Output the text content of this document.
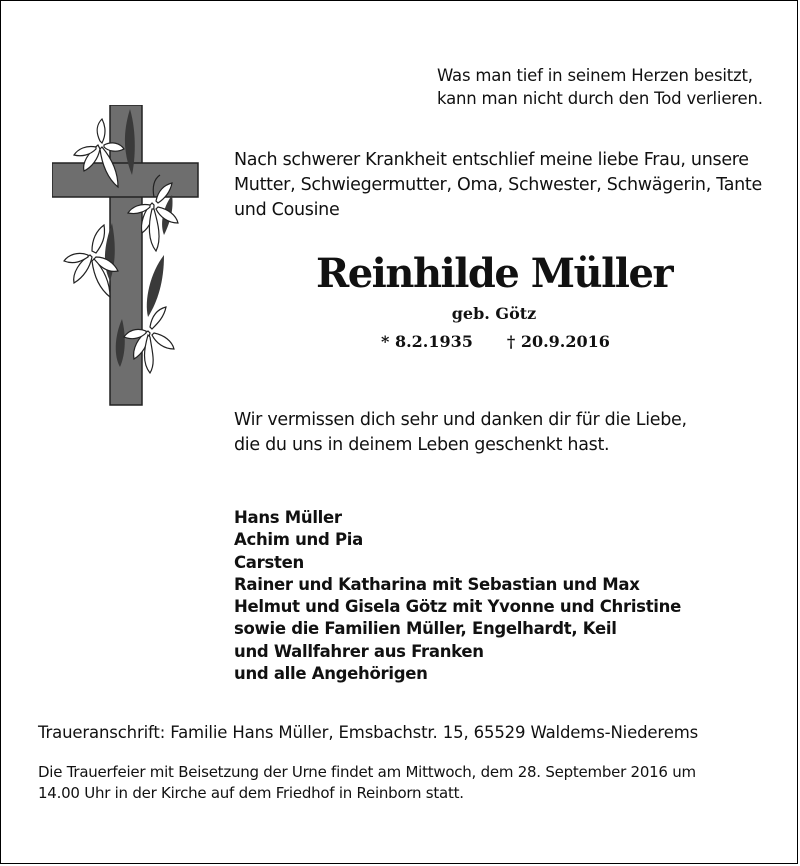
Was man tief in seinem Herzen besitzt,
kann man nicht durch den Tod verlieren.
Nach schwerer Krankheit entschlief meine liebe Frau, unsere
Mutter, Schwiegermutter, Oma, Schwester, Schwägerin, Tante
und Cousine
Reinhilde Müller
geb. Götz
* 8.2.1935 † 20.9.2016
Wir vermissen dich sehr und danken dir für die Liebe,
die du uns in deinem Leben geschenkt hast.
Hans Müller
Achim und Pia
Carsten
Rainer und Katharina mit Sebastian und Max
Helmut und Gisela Götz mit Yvonne und Christine
sowie die Familien Müller, Engelhardt, Keil
und Wallfahrer aus Franken
und alle Angehörigen
Traueranschrift: Familie Hans Müller, Emsbachstr. 15, 65529 Waldems-Niederems
Die Trauerfeier mit Beisetzung der Urne findet am Mittwoch, dem 28. September 2016 um
14.00 Uhr in der Kirche auf dem Friedhof in Reinborn statt.
